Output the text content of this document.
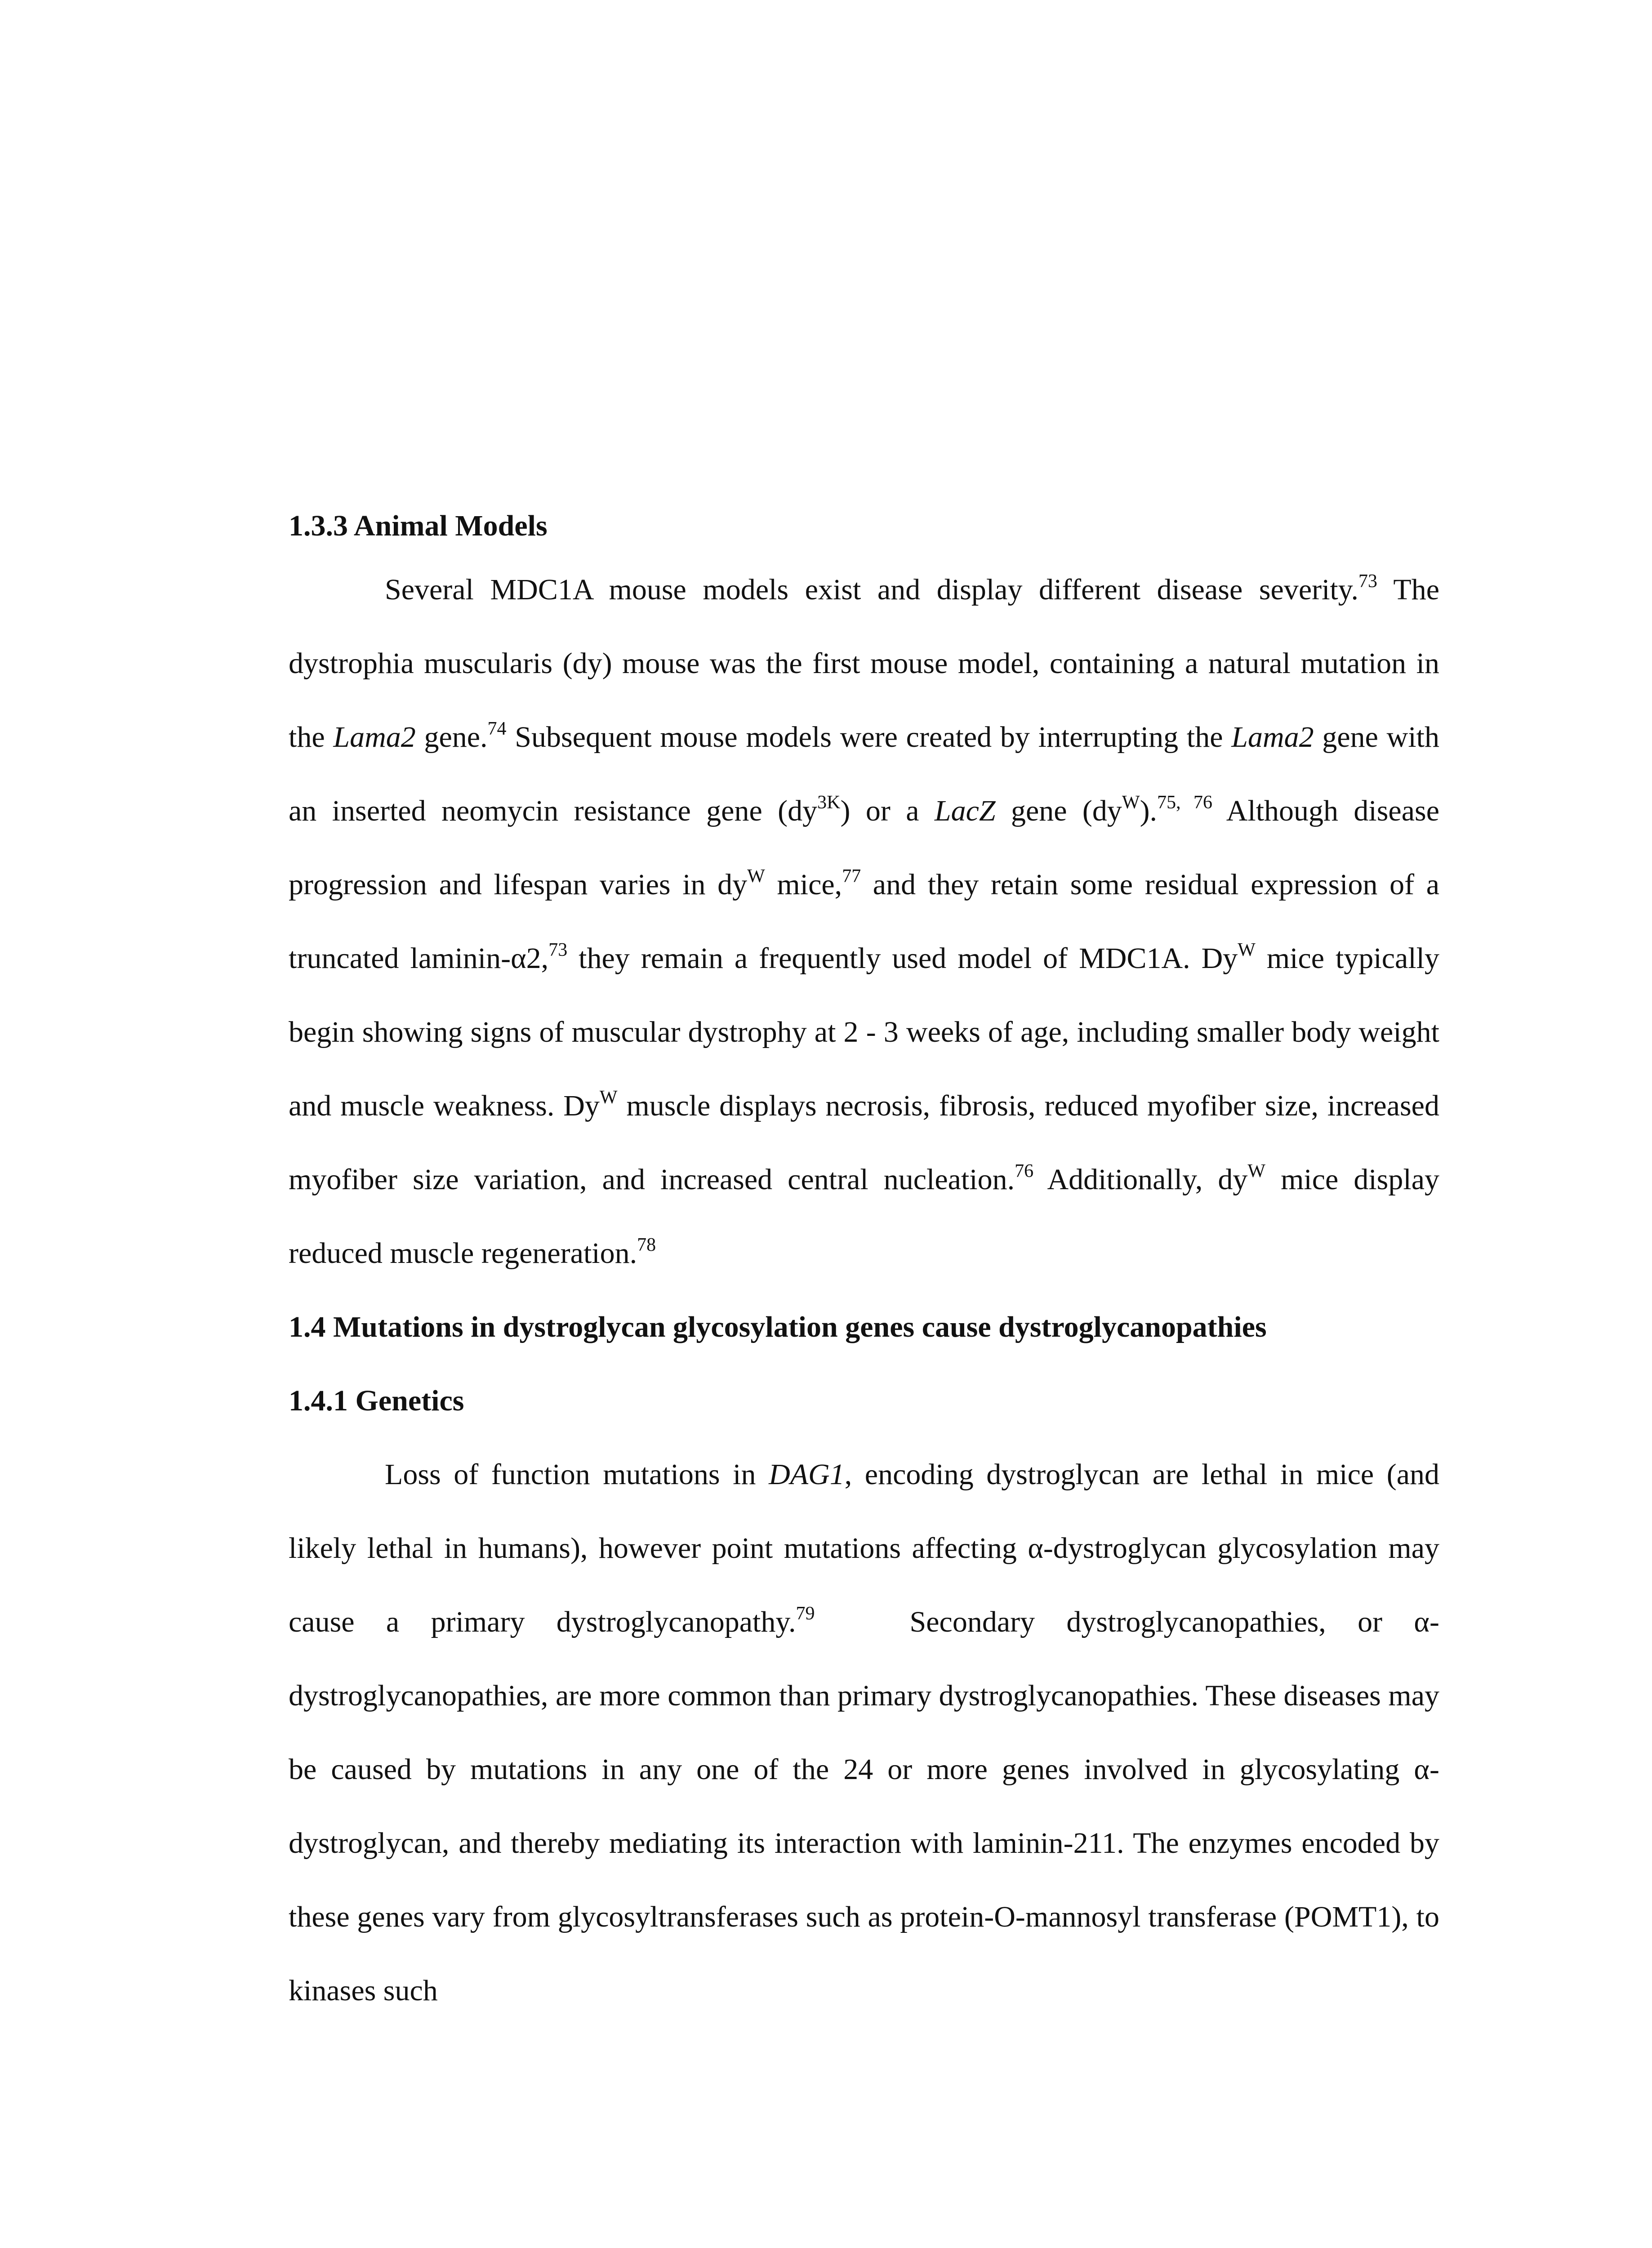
1.3.3 Animal Models

Several MDC1A mouse models exist and display different disease severity.$^{73}$ The dystrophia muscularis (dy) mouse was the first mouse model, containing a natural mutation in the Lama2 gene.$^{74}$ Subsequent mouse models were created by interrupting the Lama2 gene with an inserted neomycin resistance gene $(dy^{3K})$ or a LacZ gene $(dy^W).^{75, 76}$ Although disease progression and lifespan varies in $dy^W$ mice,$^{77}$ and they retain some residual expression of a truncated laminin-α2,73 they remain a frequently used model of MDC1A. $Dy^W$ mice typically begin showing signs of muscular dystrophy at 2 - 3 weeks of age, including smaller body weight and muscle weakness. $Dy^W$ muscle displays necrosis, fibrosis, reduced myofiber size, increased myofiber size variation, and increased central nucleation.$^{76}$ Additionally, $dy^W$ mice display reduced muscle regeneration.$^{78}$

1.4 Mutations in dystroglycan glycosylation genes cause dystroglycanopathies
1.4.1 Genetics

Loss of function mutations in DAG1, encoding dystroglycan are lethal in mice (and likely lethal in humans), however point mutations affecting α-dystroglycan glycosylation may cause a primary dystroglycanopathy.$^{79}$   Secondary dystroglycanopathies, or α-dystroglycanopathies, are more common than primary dystroglycanopathies. These diseases may be caused by mutations in any one of the 24 or more genes involved in glycosylating α-dystroglycan, and thereby mediating its interaction with laminin-211. The enzymes encoded by these genes vary from glycosyltransferases such as protein-O-mannosyl transferase (POMT1), to kinases such
